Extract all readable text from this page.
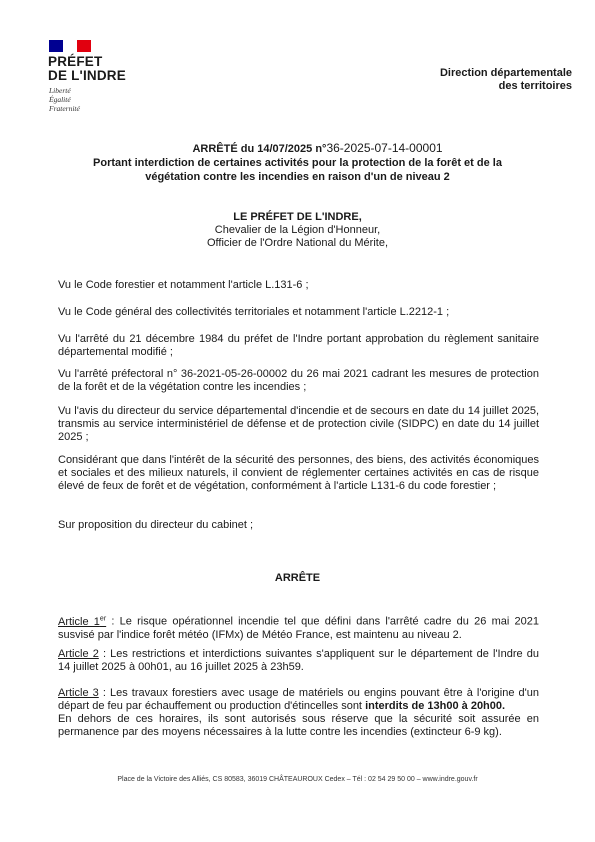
PRÉFET
DE L'INDRE
Liberté
Égalité
Fraternité
Direction départementale
des territoires
ARRÊTÉ du 14/07/2025 n°36-2025-07-14-00001
Portant interdiction de certaines activités pour la protection de la forêt et de la
végétation contre les incendies en raison d'un de niveau 2
LE PRÉFET DE L'INDRE,
Chevalier de la Légion d'Honneur,
Officier de l'Ordre National du Mérite,

Vu le Code forestier et notamment l'article L.131-6 ;

Vu le Code général des collectivités territoriales et notamment l'article L.2212-1 ;

Vu l'arrêté du 21 décembre 1984 du préfet de l'Indre portant approbation du règlement sanitaire départemental modifié ;

Vu l'arrêté préfectoral n° 36-2021-05-26-00002 du 26 mai 2021 cadrant les mesures de protection de la forêt et de la végétation contre les incendies ;

Vu l'avis du directeur du service départemental d'incendie et de secours en date du 14 juillet 2025, transmis au service interministériel de défense et de protection civile (SIDPC) en date du 14 juillet 2025 ;

Considérant que dans l'intérêt de la sécurité des personnes, des biens, des activités économiques et sociales et des milieux naturels, il convient de réglementer certaines activités en cas de risque élevé de feux de forêt et de végétation, conformément à l'article L131-6 du code forestier ;

Sur proposition du directeur du cabinet ;

ARRÊTE

Article 1er : Le risque opérationnel incendie tel que défini dans l'arrêté cadre du 26 mai 2021 susvisé par l'indice forêt météo (IFMx) de Météo France, est maintenu au niveau 2.

Article 2 : Les restrictions et interdictions suivantes s'appliquent sur le département de l'Indre du 14 juillet 2025 à 00h01, au 16 juillet 2025 à 23h59.

Article 3 : Les travaux forestiers avec usage de matériels ou engins pouvant être à l'origine d'un départ de feu par échauffement ou production d'étincelles sont interdits de 13h00 à 20h00.
En dehors de ces horaires, ils sont autorisés sous réserve que la sécurité soit assurée en permanence par des moyens nécessaires à la lutte contre les incendies (extincteur 6-9 kg).

Place de la Victoire des Alliés, CS 80583, 36019 CHÂTEAUROUX Cedex – Tél : 02 54 29 50 00 – www.indre.gouv.fr
